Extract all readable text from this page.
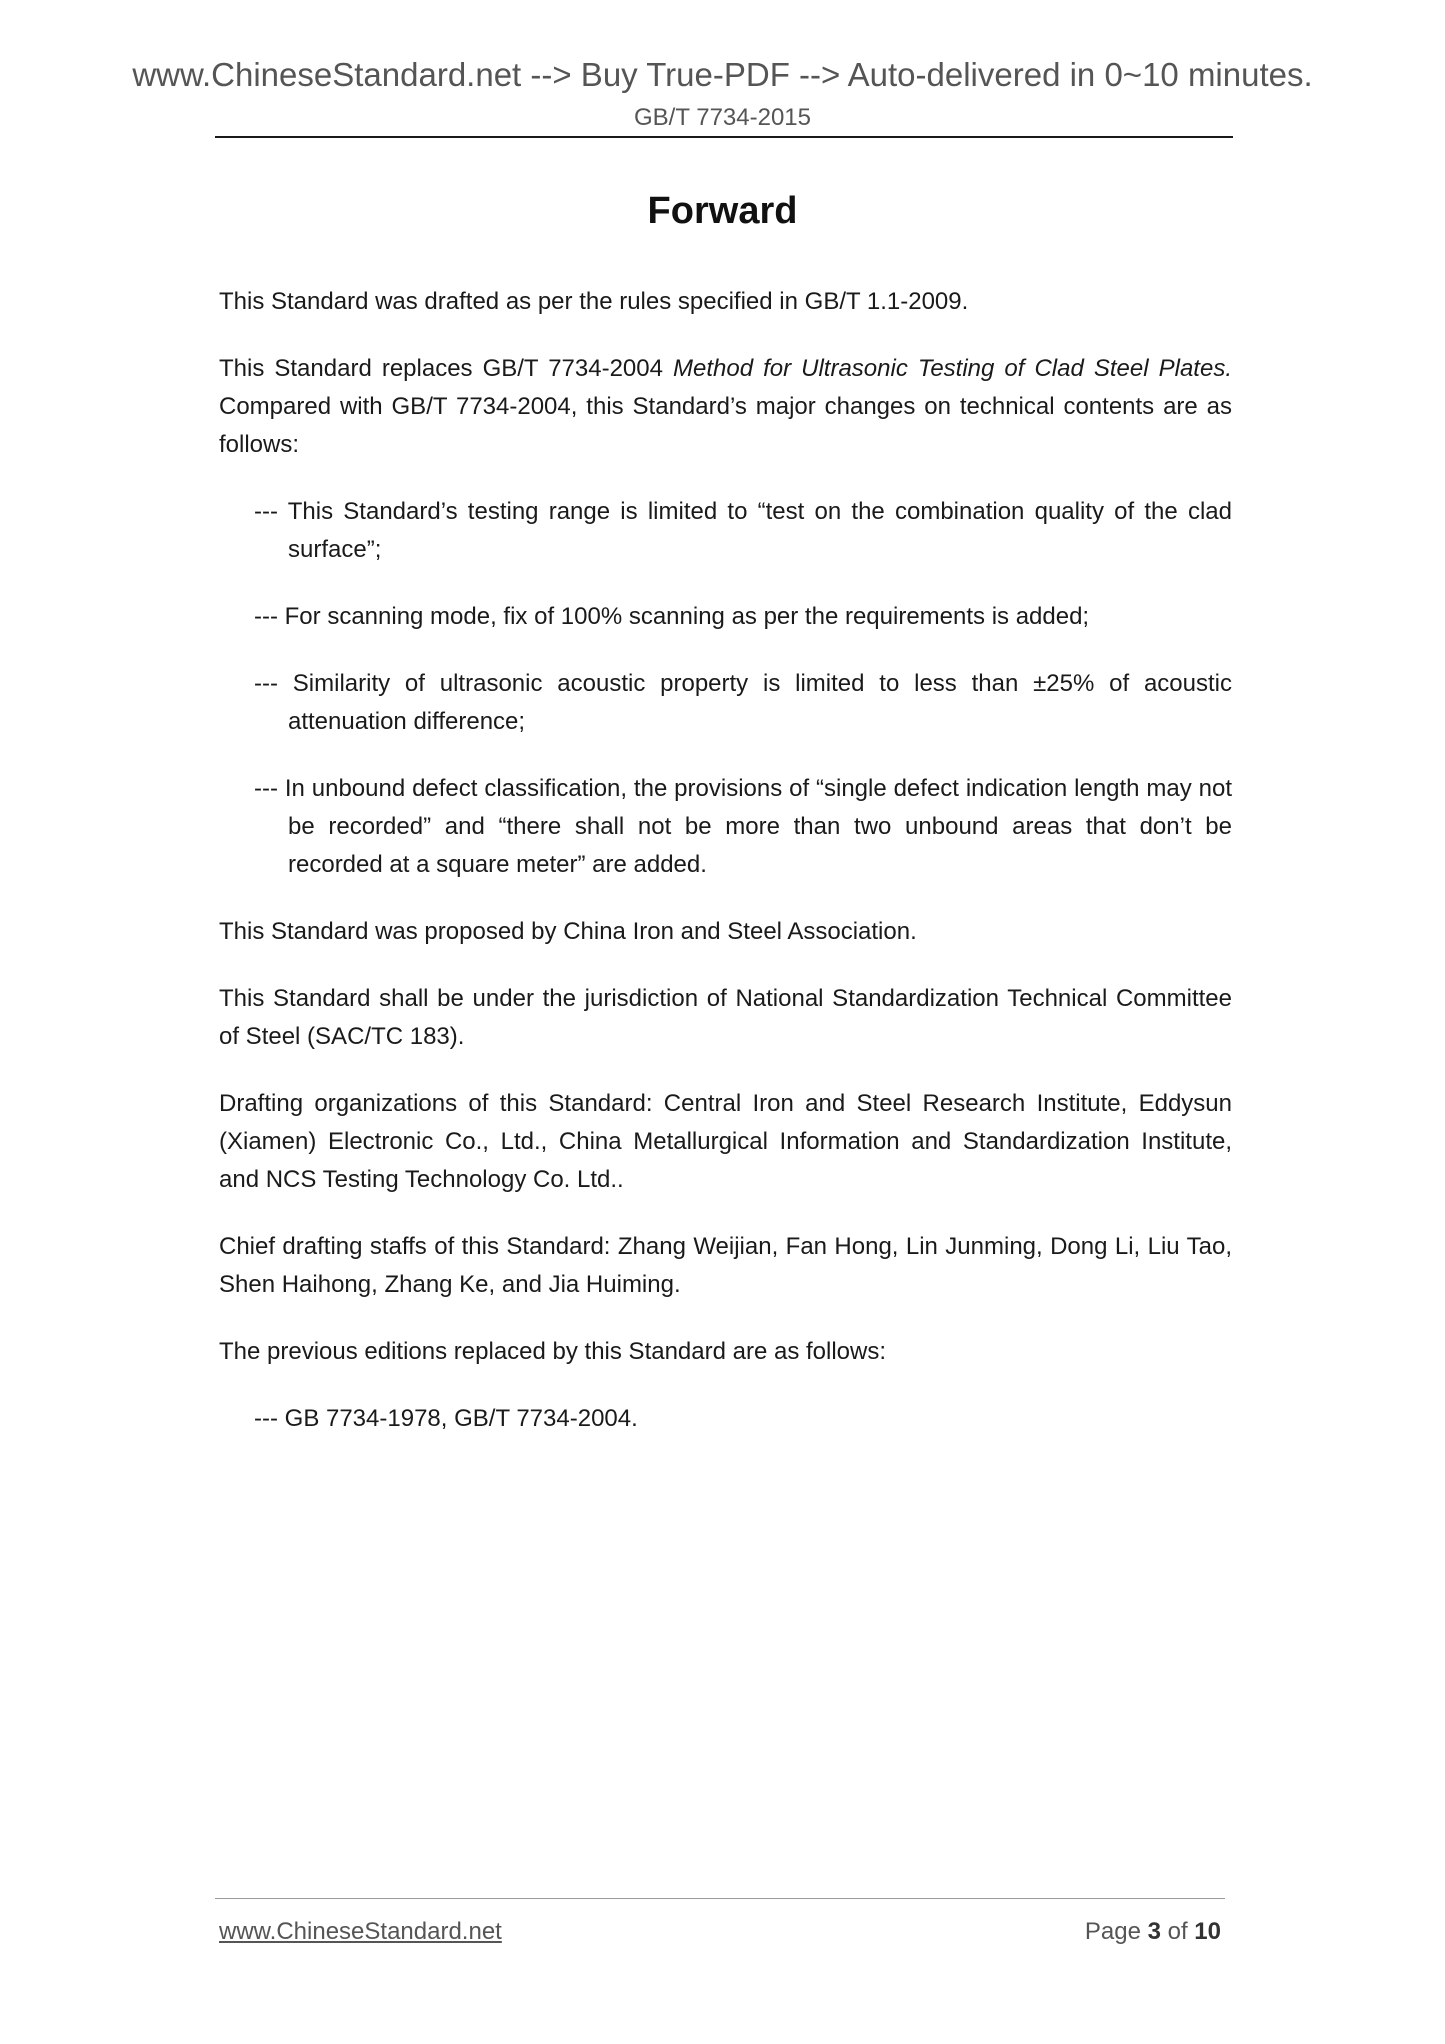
www.ChineseStandard.net --> Buy True-PDF --> Auto-delivered in 0~10 minutes.
GB/T 7734-2015
Forward

This Standard was drafted as per the rules specified in GB/T 1.1-2009.

This Standard replaces GB/T 7734-2004 Method for Ultrasonic Testing of Clad Steel Plates. Compared with GB/T 7734-2004, this Standard’s major changes on technical contents are as follows:

--- This Standard’s testing range is limited to “test on the combination quality of the clad surface”;

--- For scanning mode, fix of 100% scanning as per the requirements is added;

--- Similarity of ultrasonic acoustic property is limited to less than ±25% of acoustic attenuation difference;

--- In unbound defect classification, the provisions of “single defect indication length may not be recorded” and “there shall not be more than two unbound areas that don’t be recorded at a square meter” are added.

This Standard was proposed by China Iron and Steel Association.

This Standard shall be under the jurisdiction of National Standardization Technical Committee of Steel (SAC/TC 183).

Drafting organizations of this Standard: Central Iron and Steel Research Institute, Eddysun (Xiamen) Electronic Co., Ltd., China Metallurgical Information and Standardization Institute, and NCS Testing Technology Co. Ltd..

Chief drafting staffs of this Standard: Zhang Weijian, Fan Hong, Lin Junming, Dong Li, Liu Tao, Shen Haihong, Zhang Ke, and Jia Huiming.

The previous editions replaced by this Standard are as follows:

--- GB 7734-1978, GB/T 7734-2004.

www.ChineseStandard.net	Page 3 of 10
